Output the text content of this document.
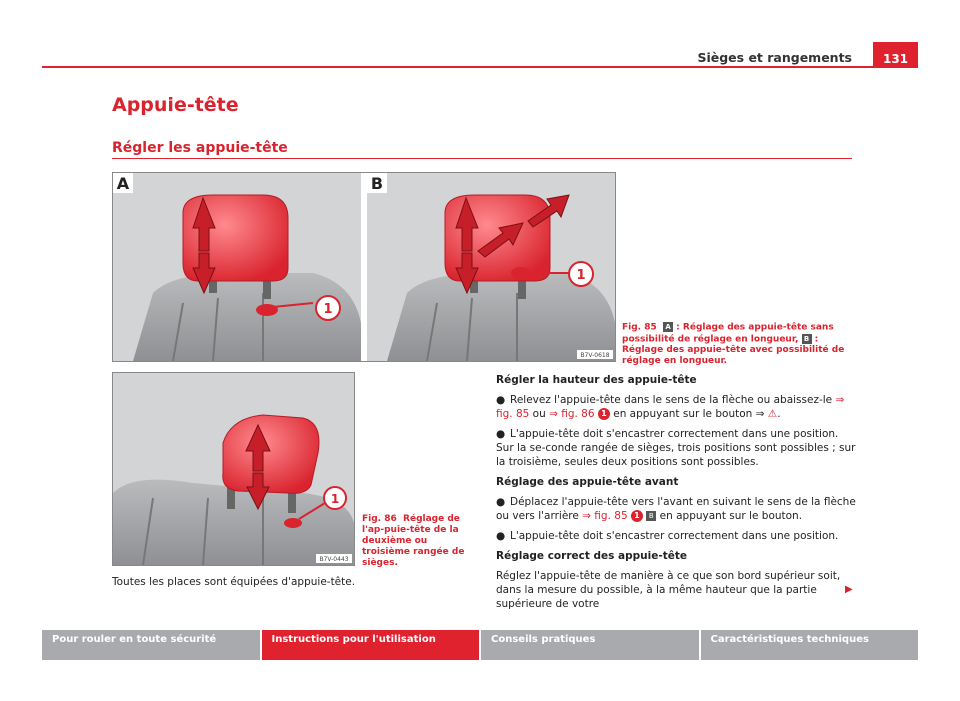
Sièges et rangements	131
Appuie-tête
Régler les appuie-tête
1
A
1
B
B7V-0618
Fig. 85 A : Réglage des appuie-tête sans possibilité de réglage en longueur, B : Réglage des appuie-tête avec possibilité de réglage en longueur.
1
B7V-0443
Fig. 86 Réglage de l'ap-puie-tête de la deuxième ou troisième rangée de sièges.
Toutes les places sont équipées d'appuie-tête.

Régler la hauteur des appuie-tête

● Relevez l'appuie-tête dans le sens de la flèche ou abaissez-le ⇒ fig. 85 ou ⇒ fig. 86 1 en appuyant sur le bouton ⇒ ⚠.

● L'appuie-tête doit s'encastrer correctement dans une position. Sur la se-conde rangée de sièges, trois positions sont possibles ; sur la troisième, seules deux positions sont possibles.

Réglage des appuie-tête avant

● Déplacez l'appuie-tête vers l'avant en suivant le sens de la flèche ou vers l'arrière ⇒ fig. 85 1 B en appuyant sur le bouton.

● L'appuie-tête doit s'encastrer correctement dans une position.

Réglage correct des appuie-tête

Réglez l'appuie-tête de manière à ce que son bord supérieur soit, dans la mesure du possible, à la même hauteur que la partie supérieure de votre

▶
Pour rouler en toute sécurité	Instructions pour l'utilisation	Conseils pratiques	Caractéristiques techniques
